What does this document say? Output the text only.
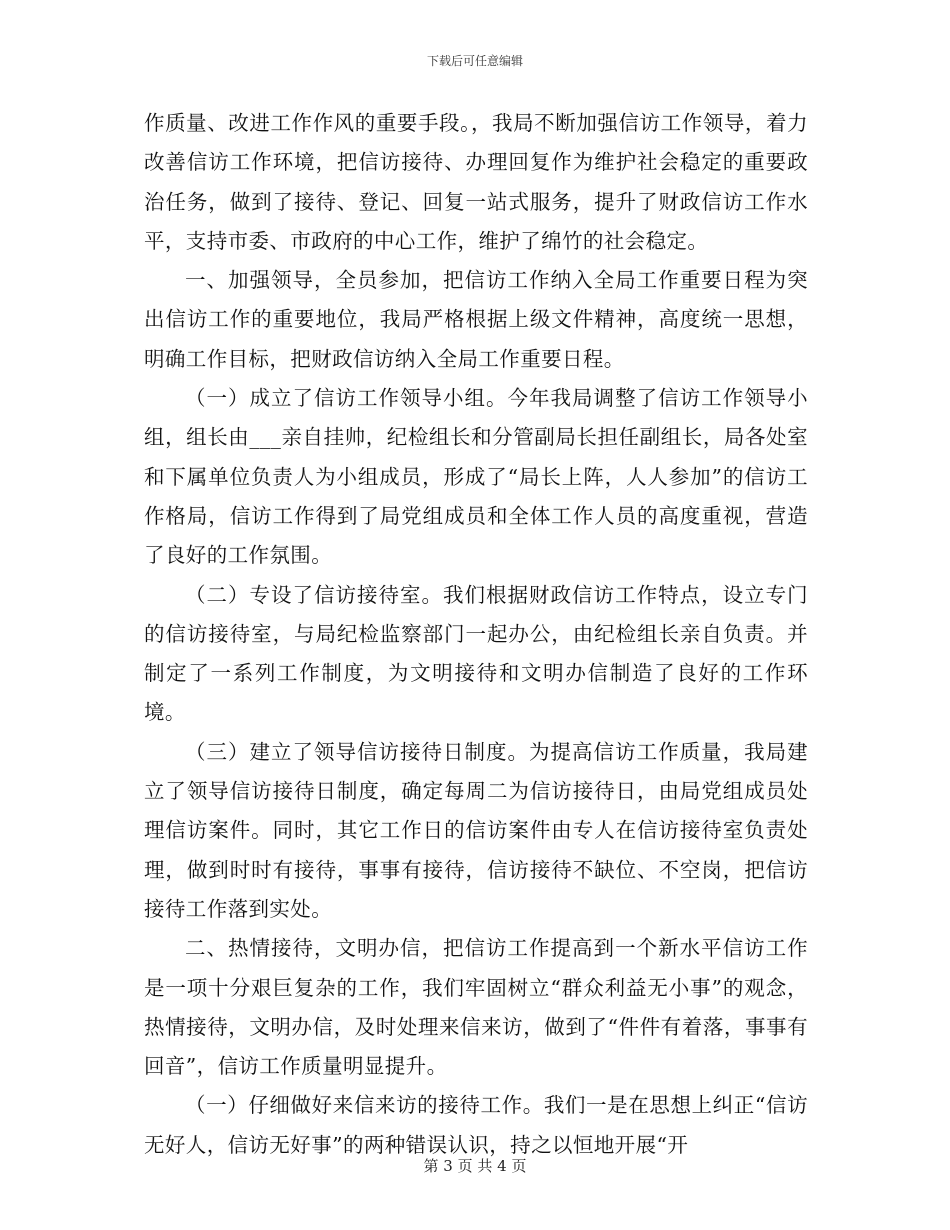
下载后可任意编辑

作质量、改进工作作风的重要手段。，我局不断加强信访工作领导，着力改善信访工作环境，把信访接待、办理回复作为维护社会稳定的重要政治任务，做到了接待、登记、回复一站式服务，提升了财政信访工作水平，支持市委、市政府的中心工作，维护了绵竹的社会稳定。

一、加强领导，全员参加，把信访工作纳入全局工作重要日程为突出信访工作的重要地位，我局严格根据上级文件精神，高度统一思想，明确工作目标，把财政信访纳入全局工作重要日程。

（一）成立了信访工作领导小组。今年我局调整了信访工作领导小组，组长由___亲自挂帅，纪检组长和分管副局长担任副组长，局各处室和下属单位负责人为小组成员，形成了“局长上阵，人人参加”的信访工作格局，信访工作得到了局党组成员和全体工作人员的高度重视，营造了良好的工作氛围。

（二）专设了信访接待室。我们根据财政信访工作特点，设立专门的信访接待室，与局纪检监察部门一起办公，由纪检组长亲自负责。并制定了一系列工作制度，为文明接待和文明办信制造了良好的工作环境。

（三）建立了领导信访接待日制度。为提高信访工作质量，我局建立了领导信访接待日制度，确定每周二为信访接待日，由局党组成员处理信访案件。同时，其它工作日的信访案件由专人在信访接待室负责处理，做到时时有接待，事事有接待，信访接待不缺位、不空岗，把信访接待工作落到实处。

二、热情接待，文明办信，把信访工作提高到一个新水平信访工作是一项十分艰巨复杂的工作，我们牢固树立“群众利益无小事”的观念，热情接待，文明办信，及时处理来信来访，做到了“件件有着落，事事有回音”，信访工作质量明显提升。

（一）仔细做好来信来访的接待工作。我们一是在思想上纠正“信访无好人，信访无好事”的两种错误认识，持之以恒地开展“开

第 3 页 共 4 页
